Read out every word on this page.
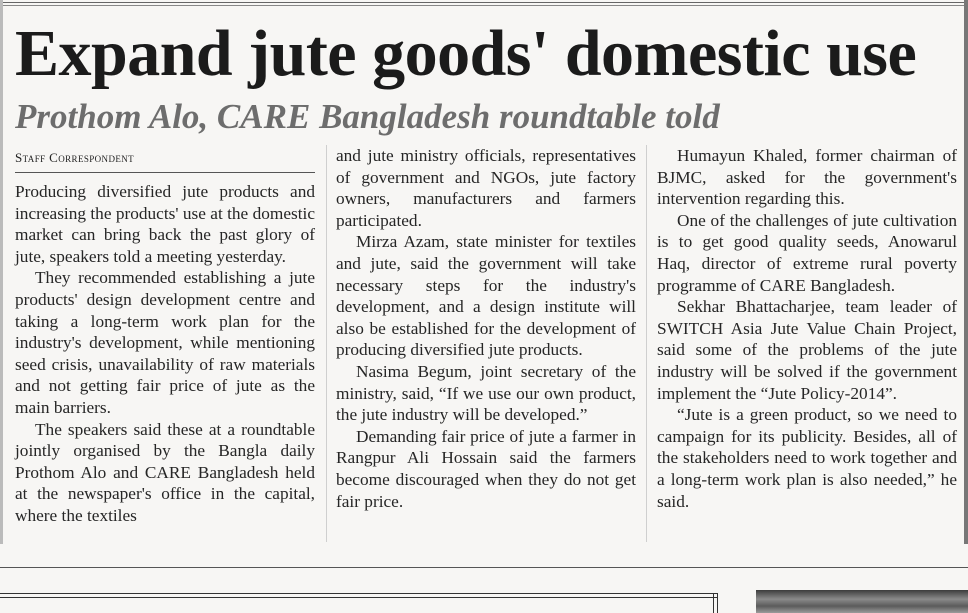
Expand jute goods' domestic use
Prothom Alo, CARE Bangladesh roundtable told
Staff Correspondent

Producing diversified jute products and increasing the products' use at the domestic market can bring back the past glory of jute, speakers told a meeting yesterday.

They recommended establishing a jute products' design development centre and taking a long-term work plan for the industry's development, while mentioning seed crisis, unavailability of raw materials and not getting fair price of jute as the main barriers.

The speakers said these at a roundtable jointly organised by the Bangla daily Prothom Alo and CARE Bangladesh held at the newspaper's office in the capital, where the textiles

and jute ministry officials, representatives of government and NGOs, jute factory owners, manufacturers and farmers participated.

Mirza Azam, state minister for textiles and jute, said the government will take necessary steps for the industry's development, and a design institute will also be established for the development of producing diversified jute products.

Nasima Begum, joint secretary of the ministry, said, “If we use our own product, the jute industry will be developed.”

Demanding fair price of jute a farmer in Rangpur Ali Hossain said the farmers become discouraged when they do not get fair price.

Humayun Khaled, former chairman of BJMC, asked for the government's intervention regarding this.

One of the challenges of jute cultivation is to get good quality seeds, Anowarul Haq, director of extreme rural poverty programme of CARE Bangladesh.

Sekhar Bhattacharjee, team leader of SWITCH Asia Jute Value Chain Project, said some of the problems of the jute industry will be solved if the government implement the “Jute Policy-2014”.

“Jute is a green product, so we need to campaign for its publicity. Besides, all of the stakeholders need to work together and a long-term work plan is also needed,” he said.
